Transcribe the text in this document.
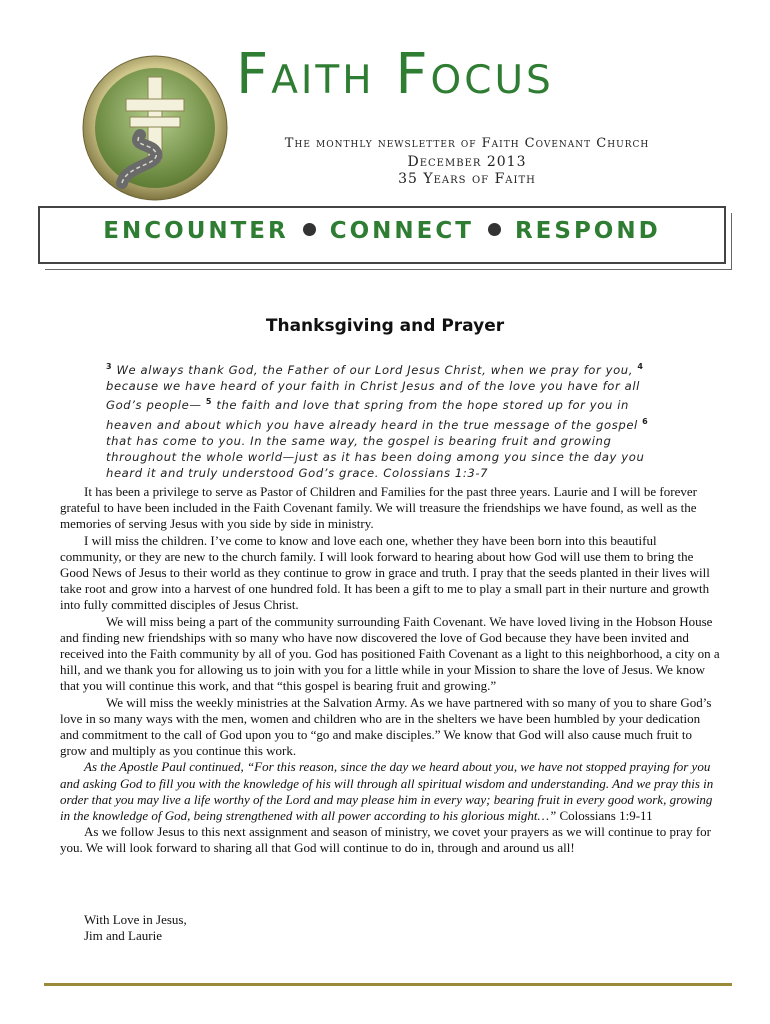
Faith Focus
The monthly newsletter of Faith Covenant Church
December 2013
35 Years of Faith
ENCOUNTER CONNECT RESPOND
Thanksgiving and Prayer
$^3$ We always thank God, the Father of our Lord Jesus Christ, when we pray for you, $^4$ because we have heard of your faith in Christ Jesus and of the love you have for all God’s people— $^5$ the faith and love that spring from the hope stored up for you in heaven and about which you have already heard in the true message of the gospel $^6$ that has come to you. In the same way, the gospel is bearing fruit and growing throughout the whole world—just as it has been doing among you since the day you heard it and truly understood God’s grace. Colossians 1:3-7

It has been a privilege to serve as Pastor of Children and Families for the past three years. Laurie and I will be forever grateful to have been included in the Faith Covenant family. We will treasure the friendships we have found, as well as the memories of serving Jesus with you side by side in ministry.

I will miss the children. I’ve come to know and love each one, whether they have been born into this beautiful community, or they are new to the church family. I will look forward to hearing about how God will use them to bring the Good News of Jesus to their world as they continue to grow in grace and truth. I pray that the seeds planted in their lives will take root and grow into a harvest of one hundred fold. It has been a gift to me to play a small part in their nurture and growth into fully committed disciples of Jesus Christ.

We will miss being a part of the community surrounding Faith Covenant. We have loved living in the Hobson House and finding new friendships with so many who have now discovered the love of God because they have been invited and received into the Faith community by all of you. God has positioned Faith Covenant as a light to this neighborhood, a city on a hill, and we thank you for allowing us to join with you for a little while in your Mission to share the love of Jesus. We know that you will continue this work, and that “this gospel is bearing fruit and growing.”

We will miss the weekly ministries at the Salvation Army. As we have partnered with so many of you to share God’s love in so many ways with the men, women and children who are in the shelters we have been humbled by your dedication and commitment to the call of God upon you to “go and make disciples.” We know that God will also cause much fruit to grow and multiply as you continue this work.

As the Apostle Paul continued, “For this reason, since the day we heard about you, we have not stopped praying for you and asking God to fill you with the knowledge of his will through all spiritual wisdom and understanding. And we pray this in order that you may live a life worthy of the Lord and may please him in every way; bearing fruit in every good work, growing in the knowledge of God, being strengthened with all power according to his glorious might…” Colossians 1:9-11

As we follow Jesus to this next assignment and season of ministry, we covet your prayers as we will continue to pray for you. We will look forward to sharing all that God will continue to do in, through and around us all!

With Love in Jesus,
Jim and Laurie
